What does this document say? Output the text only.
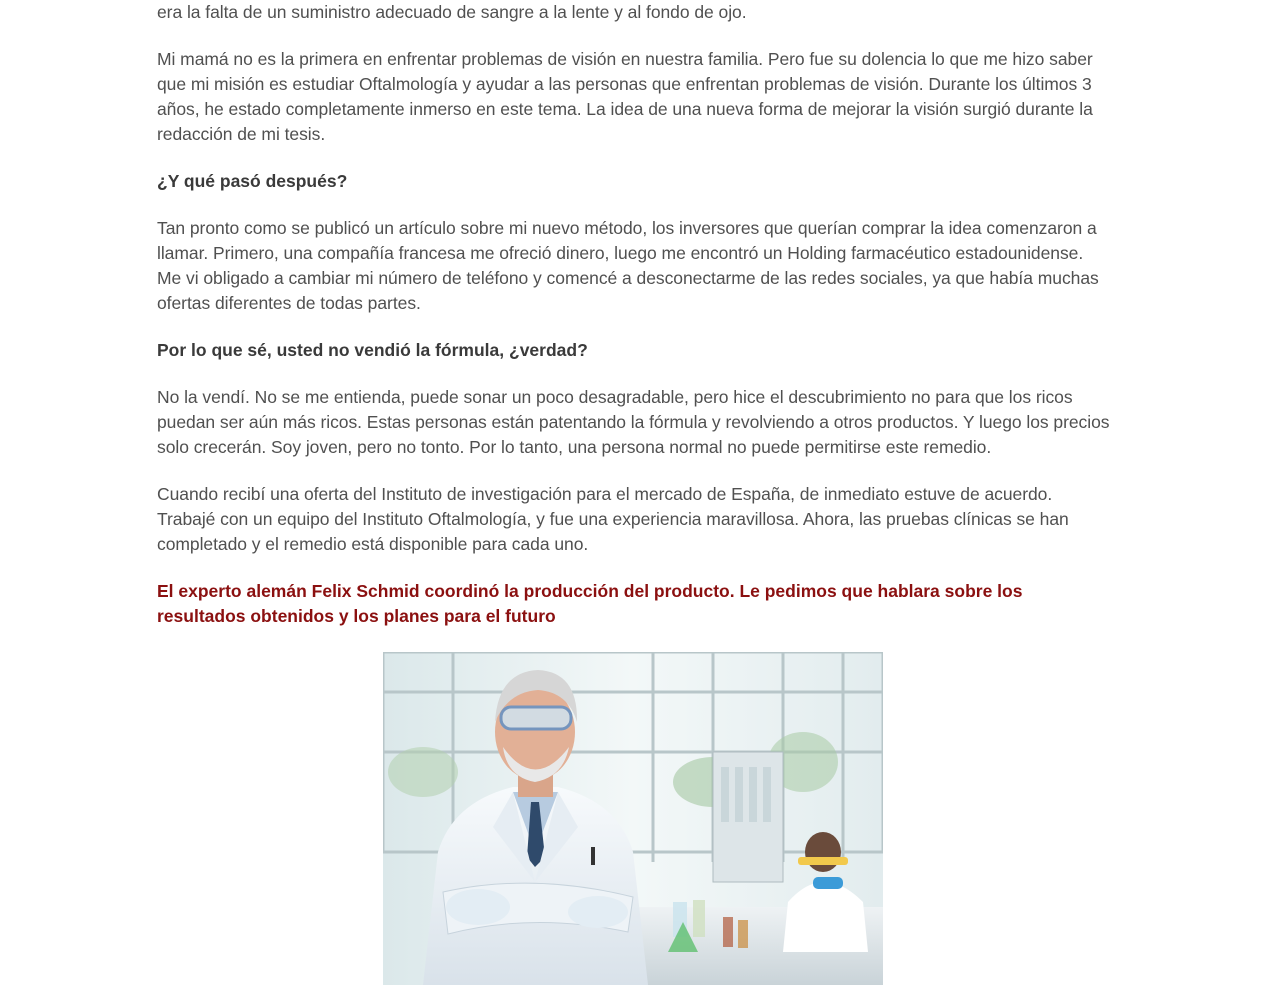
era la falta de un suministro adecuado de sangre a la lente y al fondo de ojo.

Mi mamá no es la primera en enfrentar problemas de visión en nuestra familia. Pero fue su dolencia lo que me hizo saber que mi misión es estudiar Oftalmología y ayudar a las personas que enfrentan problemas de visión. Durante los últimos 3 años, he estado completamente inmerso en este tema. La idea de una nueva forma de mejorar la visión surgió durante la redacción de mi tesis.

¿Y qué pasó después?

Tan pronto como se publicó un artículo sobre mi nuevo método, los inversores que querían comprar la idea comenzaron a llamar. Primero, una compañía francesa me ofreció dinero, luego me encontró un Holding farmacéutico estadounidense. Me vi obligado a cambiar mi número de teléfono y comencé a desconectarme de las redes sociales, ya que había muchas ofertas diferentes de todas partes.

Por lo que sé, usted no vendió la fórmula, ¿verdad?

No la vendí. No se me entienda, puede sonar un poco desagradable, pero hice el descubrimiento no para que los ricos puedan ser aún más ricos. Estas personas están patentando la fórmula y revolviendo a otros productos. Y luego los precios solo crecerán. Soy joven, pero no tonto. Por lo tanto, una persona normal no puede permitirse este remedio.

Cuando recibí una oferta del Instituto de investigación para el mercado de España, de inmediato estuve de acuerdo. Trabajé con un equipo del Instituto Oftalmología, y fue una experiencia maravillosa. Ahora, las pruebas clínicas se han completado y el remedio está disponible para cada uno.

El experto alemán Felix Schmid coordinó la producción del producto. Le pedimos que hablara sobre los resultados obtenidos y los planes para el futuro
